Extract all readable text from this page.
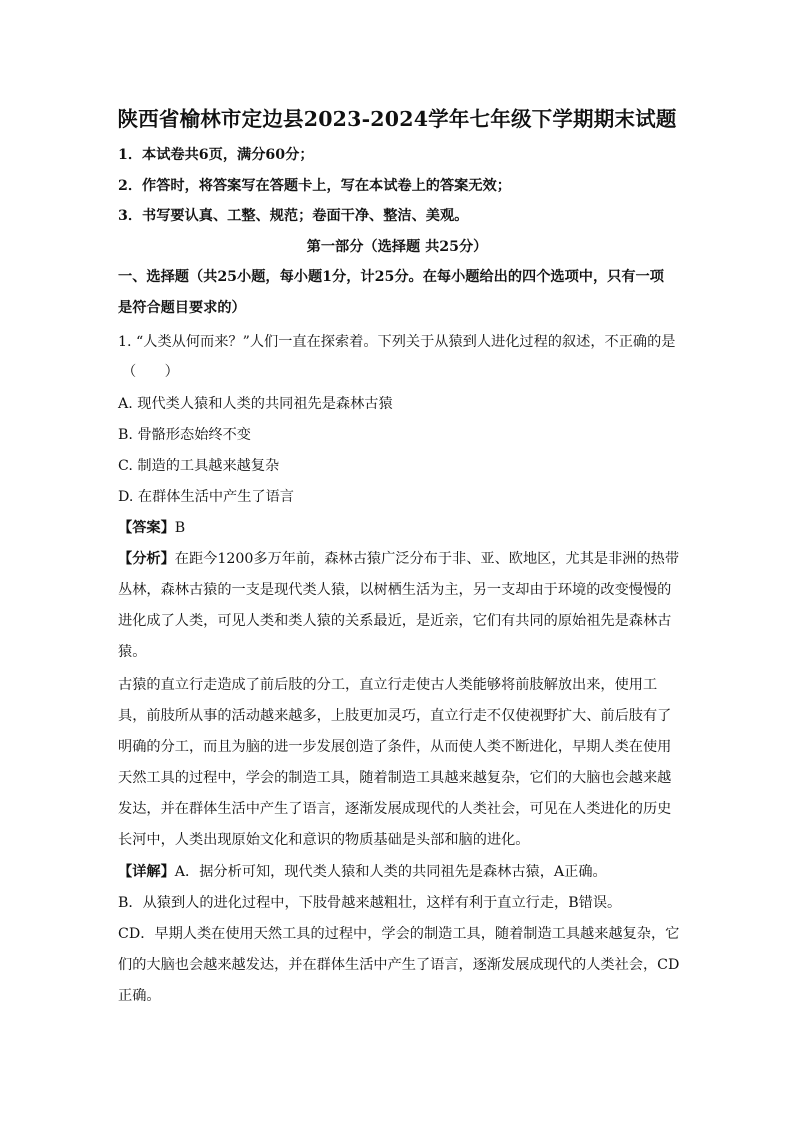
陕西省榆林市定边县2023-2024学年七年级下学期期末试题
1．本试卷共6页，满分60分；
2．作答时，将答案写在答题卡上，写在本试卷上的答案无效；
3．书写要认真、工整、规范；卷面干净、整洁、美观。
第一部分（选择题 共25分）
一、选择题（共25小题，每小题1分，计25分。在每小题给出的四个选项中，只有一项
是符合题目要求的）
1. “人类从何而来？”人们一直在探索着。下列关于从猿到人进化过程的叙述，不正确的是
（　　）
A. 现代类人猿和人类的共同祖先是森林古猿
B. 骨骼形态始终不变
C. 制造的工具越来越复杂
D. 在群体生活中产生了语言
【答案】B
【分析】在距今1200多万年前，森林古猿广泛分布于非、亚、欧地区，尤其是非洲的热带
丛林，森林古猿的一支是现代类人猿，以树栖生活为主，另一支却由于环境的改变慢慢的
进化成了人类，可见人类和类人猿的关系最近，是近亲，它们有共同的原始祖先是森林古
猿。
古猿的直立行走造成了前后肢的分工，直立行走使古人类能够将前肢解放出来，使用工
具，前肢所从事的活动越来越多，上肢更加灵巧，直立行走不仅使视野扩大、前后肢有了
明确的分工，而且为脑的进一步发展创造了条件，从而使人类不断进化，早期人类在使用
天然工具的过程中，学会的制造工具，随着制造工具越来越复杂，它们的大脑也会越来越
发达，并在群体生活中产生了语言，逐渐发展成现代的人类社会，可见在人类进化的历史
长河中，人类出现原始文化和意识的物质基础是头部和脑的进化。
【详解】A．据分析可知，现代类人猿和人类的共同祖先是森林古猿，A正确。
B．从猿到人的进化过程中，下肢骨越来越粗壮，这样有利于直立行走，B错误。
CD．早期人类在使用天然工具的过程中，学会的制造工具，随着制造工具越来越复杂，它
们的大脑也会越来越发达，并在群体生活中产生了语言，逐渐发展成现代的人类社会，CD
正确。
